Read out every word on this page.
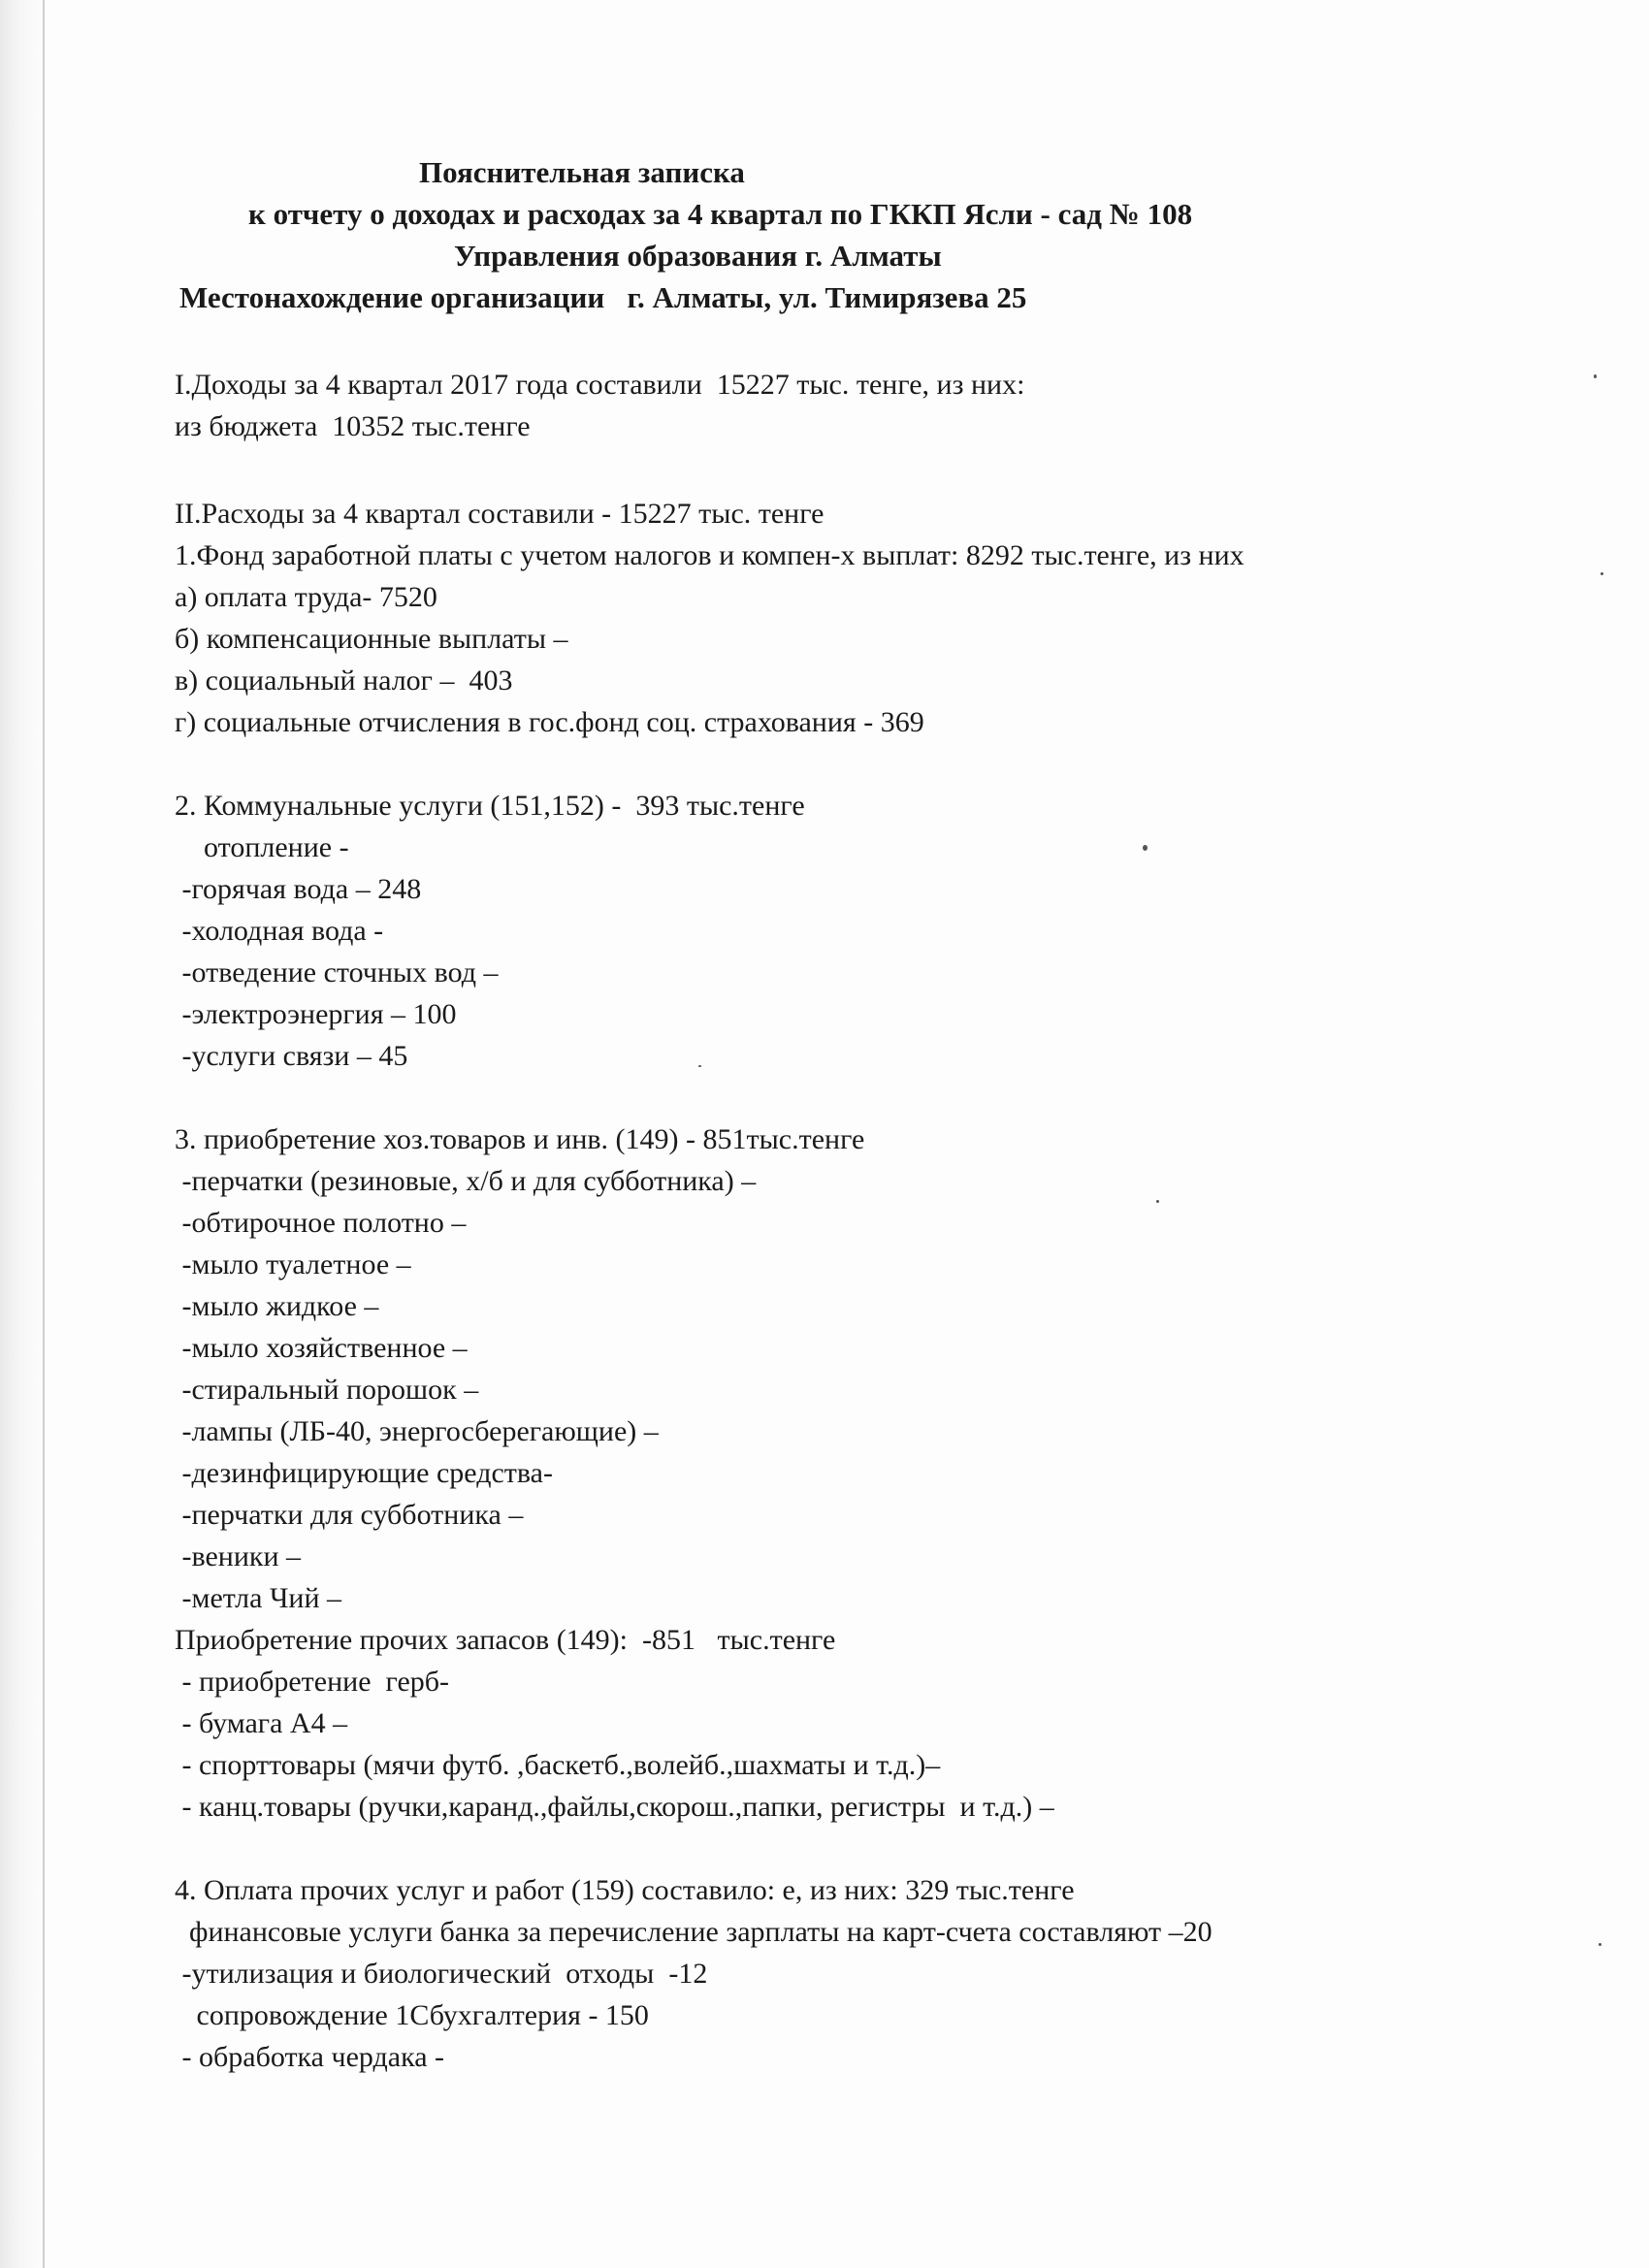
Пояснительная записка
к отчету о доходах и расходах за 4 квартал по ГККП Ясли - сад № 108
Управления образования г. Алматы
Местонахождение организации   г. Алматы, ул. Тимирязева 25
I.Доходы за 4 квартал 2017 года составили  15227 тыс. тенге, из них:
из бюджета  10352 тыс.тенге
II.Расходы за 4 квартал составили - 15227 тыс. тенге
1.Фонд заработной платы с учетом налогов и компен-х выплат: 8292 тыс.тенге, из них
а) оплата труда- 7520
б) компенсационные выплаты –
в) социальный налог –  403
г) социальные отчисления в гос.фонд соц. страхования - 369
2. Коммунальные услуги (151,152) -  393 тыс.тенге
отопление -
-горячая вода – 248
-холодная вода -
-отведение сточных вод –
-электроэнергия – 100
-услуги связи – 45
3. приобретение хоз.товаров и инв. (149) - 851тыс.тенге
-перчатки (резиновые, х/б и для субботника) –
-обтирочное полотно –
-мыло туалетное –
-мыло жидкое –
-мыло хозяйственное –
-стиральный порошок –
-лампы (ЛБ-40, энергосберегающие) –
-дезинфицирующие средства-
-перчатки для субботника –
-веники –
-метла Чий –
Приобретение прочих запасов (149):  -851   тыс.тенге
- приобретение  герб-
- бумага А4 –
- спорттовары (мячи футб. ,баскетб.,волейб.,шахматы и т.д.)–
- канц.товары (ручки,каранд.,файлы,скорош.,папки, регистры  и т.д.) –
4. Оплата прочих услуг и работ (159) составило: е, из них: 329 тыс.тенге
финансовые услуги банка за перечисление зарплаты на карт-счета составляют –20
-утилизация и биологический  отходы  -12
сопровождение 1Сбухгалтерия - 150
- обработка чердака -
